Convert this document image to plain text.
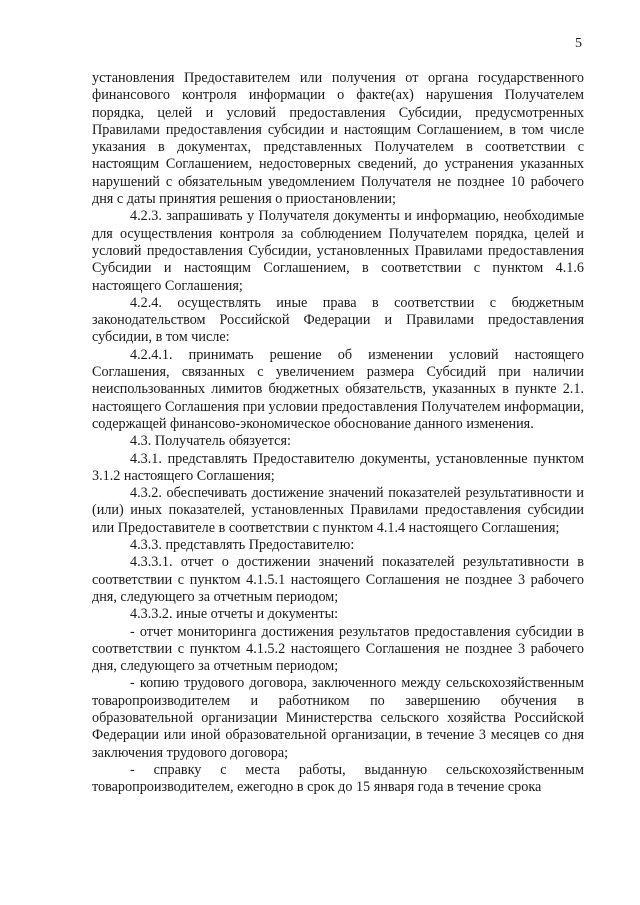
5

установления Предоставителем или получения от органа государственного финансового контроля информации о факте(ах) нарушения Получателем порядка, целей и условий предоставления Субсидии, предусмотренных Правилами предоставления субсидии и настоящим Соглашением, в том числе указания в документах, представленных Получателем в соответствии с настоящим Соглашением, недостоверных сведений, до устранения указанных нарушений с обязательным уведомлением Получателя не позднее 10 рабочего дня с даты принятия решения о приостановлении;

4.2.3. запрашивать у Получателя документы и информацию, необходимые для осуществления контроля за соблюдением Получателем порядка, целей и условий предоставления Субсидии, установленных Правилами предоставления Субсидии и настоящим Соглашением, в соответствии с пунктом 4.1.6 настоящего Соглашения;

4.2.4. осуществлять иные права в соответствии с бюджетным законодательством Российской Федерации и Правилами предоставления субсидии, в том числе:

4.2.4.1. принимать решение об изменении условий настоящего Соглашения, связанных с увеличением размера Субсидий при наличии неиспользованных лимитов бюджетных обязательств, указанных в пункте 2.1. настоящего Соглашения при условии предоставления Получателем информации, содержащей финансово-экономическое обоснование данного изменения.

4.3. Получатель обязуется:

4.3.1. представлять Предоставителю документы, установленные пунктом 3.1.2 настоящего Соглашения;

4.3.2. обеспечивать достижение значений показателей результативности и (или) иных показателей, установленных Правилами предоставления субсидии или Предоставителе в соответствии с пунктом 4.1.4 настоящего Соглашения;

4.3.3. представлять Предоставителю:

4.3.3.1. отчет о достижении значений показателей результативности в соответствии с пунктом 4.1.5.1 настоящего Соглашения не позднее 3 рабочего дня, следующего за отчетным периодом;

4.3.3.2. иные отчеты и документы:

- отчет мониторинга достижения результатов предоставления субсидии в соответствии с пунктом 4.1.5.2 настоящего Соглашения не позднее 3 рабочего дня, следующего за отчетным периодом;

- копию трудового договора, заключенного между сельскохозяйственным товаропроизводителем и работником по завершению обучения в образовательной организации Министерства сельского хозяйства Российской Федерации или иной образовательной организации, в течение 3 месяцев со дня заключения трудового договора;

- справку с места работы, выданную сельскохозяйственным товаропроизводителем, ежегодно в срок до 15 января года в течение срока
